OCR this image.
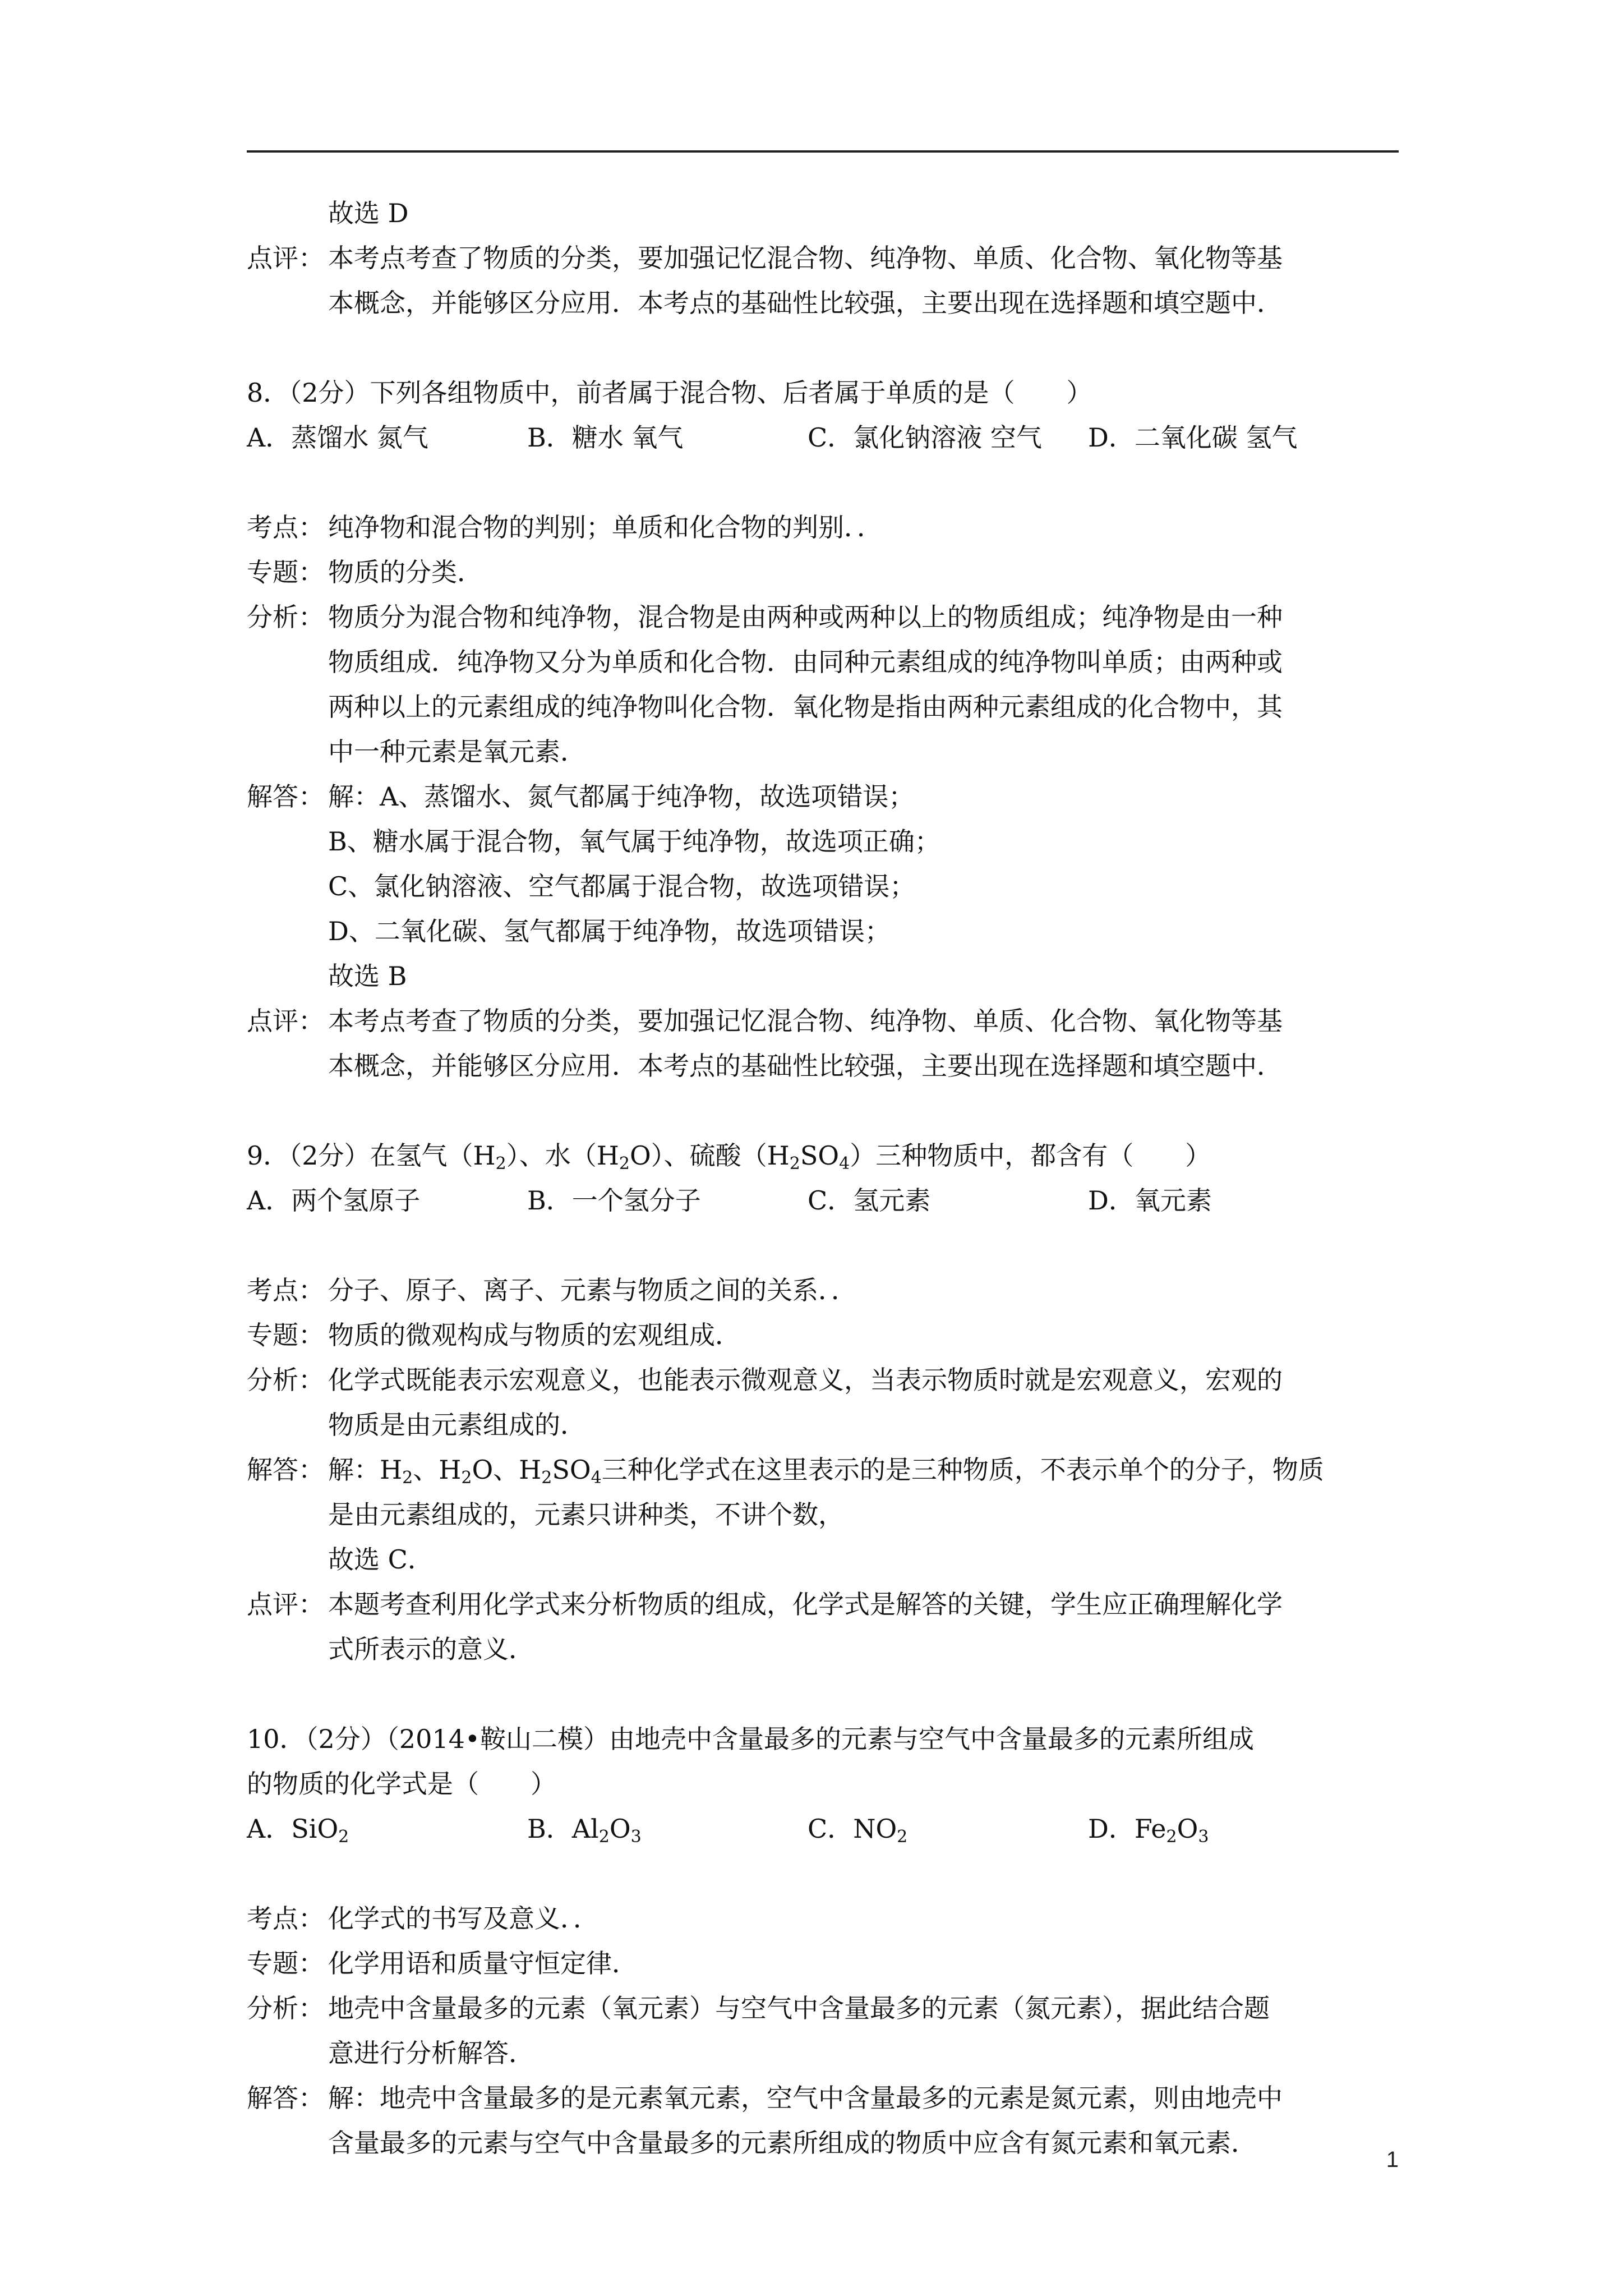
故选 D
点评： 本考点考查了物质的分类，要加强记忆混合物、纯净物、单质、化合物、氧化物等基
本概念，并能够区分应用．本考点的基础性比较强，主要出现在选择题和填空题中．
8．（2分）下列各组物质中，前者属于混合物、后者属于单质的是（　　）
A．蒸馏水 氮气	B．糖水 氧气	C．氯化钠溶液 空气	D．二氧化碳 氢气
考点： 纯净物和混合物的判别；单质和化合物的判别．．
专题： 物质的分类．
分析： 物质分为混合物和纯净物，混合物是由两种或两种以上的物质组成；纯净物是由一种
物质组成．纯净物又分为单质和化合物．由同种元素组成的纯净物叫单质；由两种或
两种以上的元素组成的纯净物叫化合物．氧化物是指由两种元素组成的化合物中，其
中一种元素是氧元素．
解答： 解：A、蒸馏水、氮气都属于纯净物，故选项错误；
B、糖水属于混合物，氧气属于纯净物，故选项正确；
C、氯化钠溶液、空气都属于混合物，故选项错误；
D、二氧化碳、氢气都属于纯净物，故选项错误；
故选 B
点评： 本考点考查了物质的分类，要加强记忆混合物、纯净物、单质、化合物、氧化物等基
本概念，并能够区分应用．本考点的基础性比较强，主要出现在选择题和填空题中．
9．（2分）在氢气$(H_2)$、水$(H_2O)$、硫酸$(H_2SO_4)$三种物质中，都含有（　　）
A．两个氢原子	B．一个氢分子	C．氢元素	D．氧元素
考点： 分子、原子、离子、元素与物质之间的关系．．
专题： 物质的微观构成与物质的宏观组成．
分析： 化学式既能表示宏观意义，也能表示微观意义，当表示物质时就是宏观意义，宏观的
物质是由元素组成的．
解答： 解：$H_2$、$H_2O$、$H_2SO_4$三种化学式在这里表示的是三种物质，不表示单个的分子，物质
是由元素组成的，元素只讲种类，不讲个数，
故选 C．
点评： 本题考查利用化学式来分析物质的组成，化学式是解答的关键，学生应正确理解化学
式所表示的意义．
10．（2分）（2014•鞍山二模）由地壳中含量最多的元素与空气中含量最多的元素所组成
的物质的化学式是（　　）
A．SiO$_2$	B．$Al_2O_3$	C．$NO_2$	D．$Fe_2O_3$
考点： 化学式的书写及意义．．
专题： 化学用语和质量守恒定律．
分析： 地壳中含量最多的元素（氧元素）与空气中含量最多的元素（氮元素），据此结合题
意进行分析解答．
解答： 解：地壳中含量最多的是元素氧元素，空气中含量最多的元素是氮元素，则由地壳中
含量最多的元素与空气中含量最多的元素所组成的物质中应含有氮元素和氧元素．
1
